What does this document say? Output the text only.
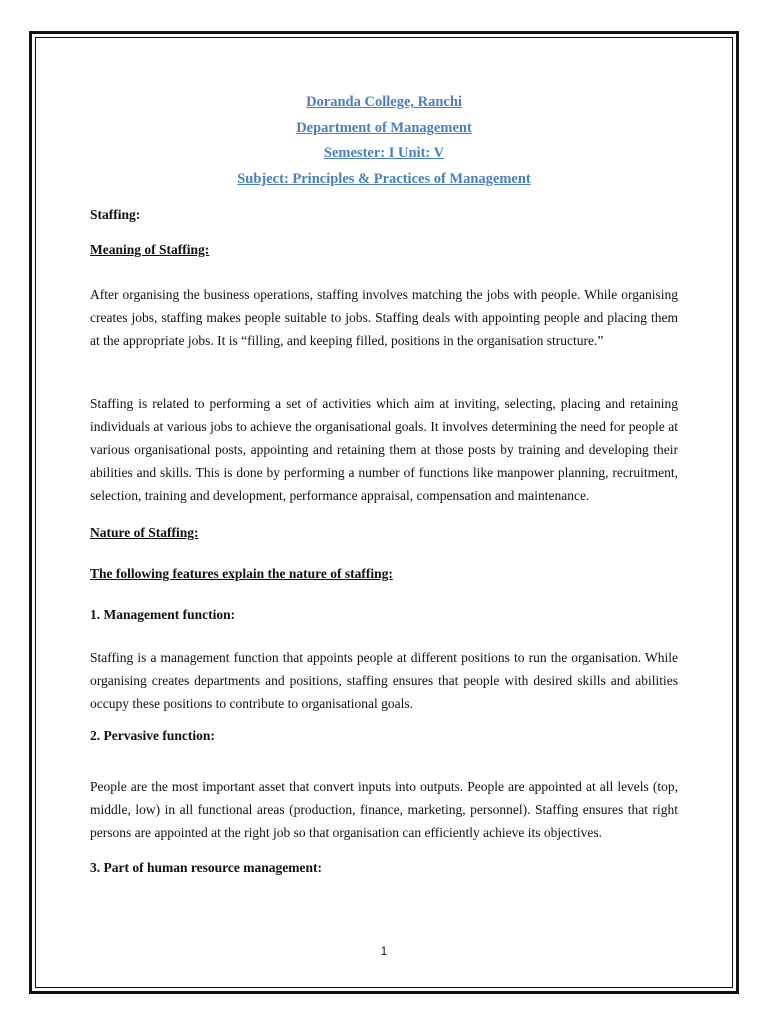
Doranda College, Ranchi
Department of Management
Semester: I Unit: V
Subject: Principles & Practices of Management
Staffing:
Meaning of Staffing:

After organising the business operations, staffing involves matching the jobs with people. While organising creates jobs, staffing makes people suitable to jobs. Staffing deals with appointing people and placing them at the appropriate jobs. It is “filling, and keeping filled, positions in the organisation structure.”

Staffing is related to performing a set of activities which aim at inviting, selecting, placing and retaining individuals at various jobs to achieve the organisational goals. It involves determining the need for people at various organisational posts, appointing and retaining them at those posts by training and developing their abilities and skills. This is done by performing a number of functions like manpower planning, recruitment, selection, training and development, performance appraisal, compensation and maintenance.

Nature of Staffing:
The following features explain the nature of staffing:
1. Management function:

Staffing is a management function that appoints people at different positions to run the organisation. While organising creates departments and positions, staffing ensures that people with desired skills and abilities occupy these positions to contribute to organisational goals.

2. Pervasive function:

People are the most important asset that convert inputs into outputs. People are appointed at all levels (top, middle, low) in all functional areas (production, finance, marketing, personnel). Staffing ensures that right persons are appointed at the right job so that organisation can efficiently achieve its objectives.

3. Part of human resource management:
1
